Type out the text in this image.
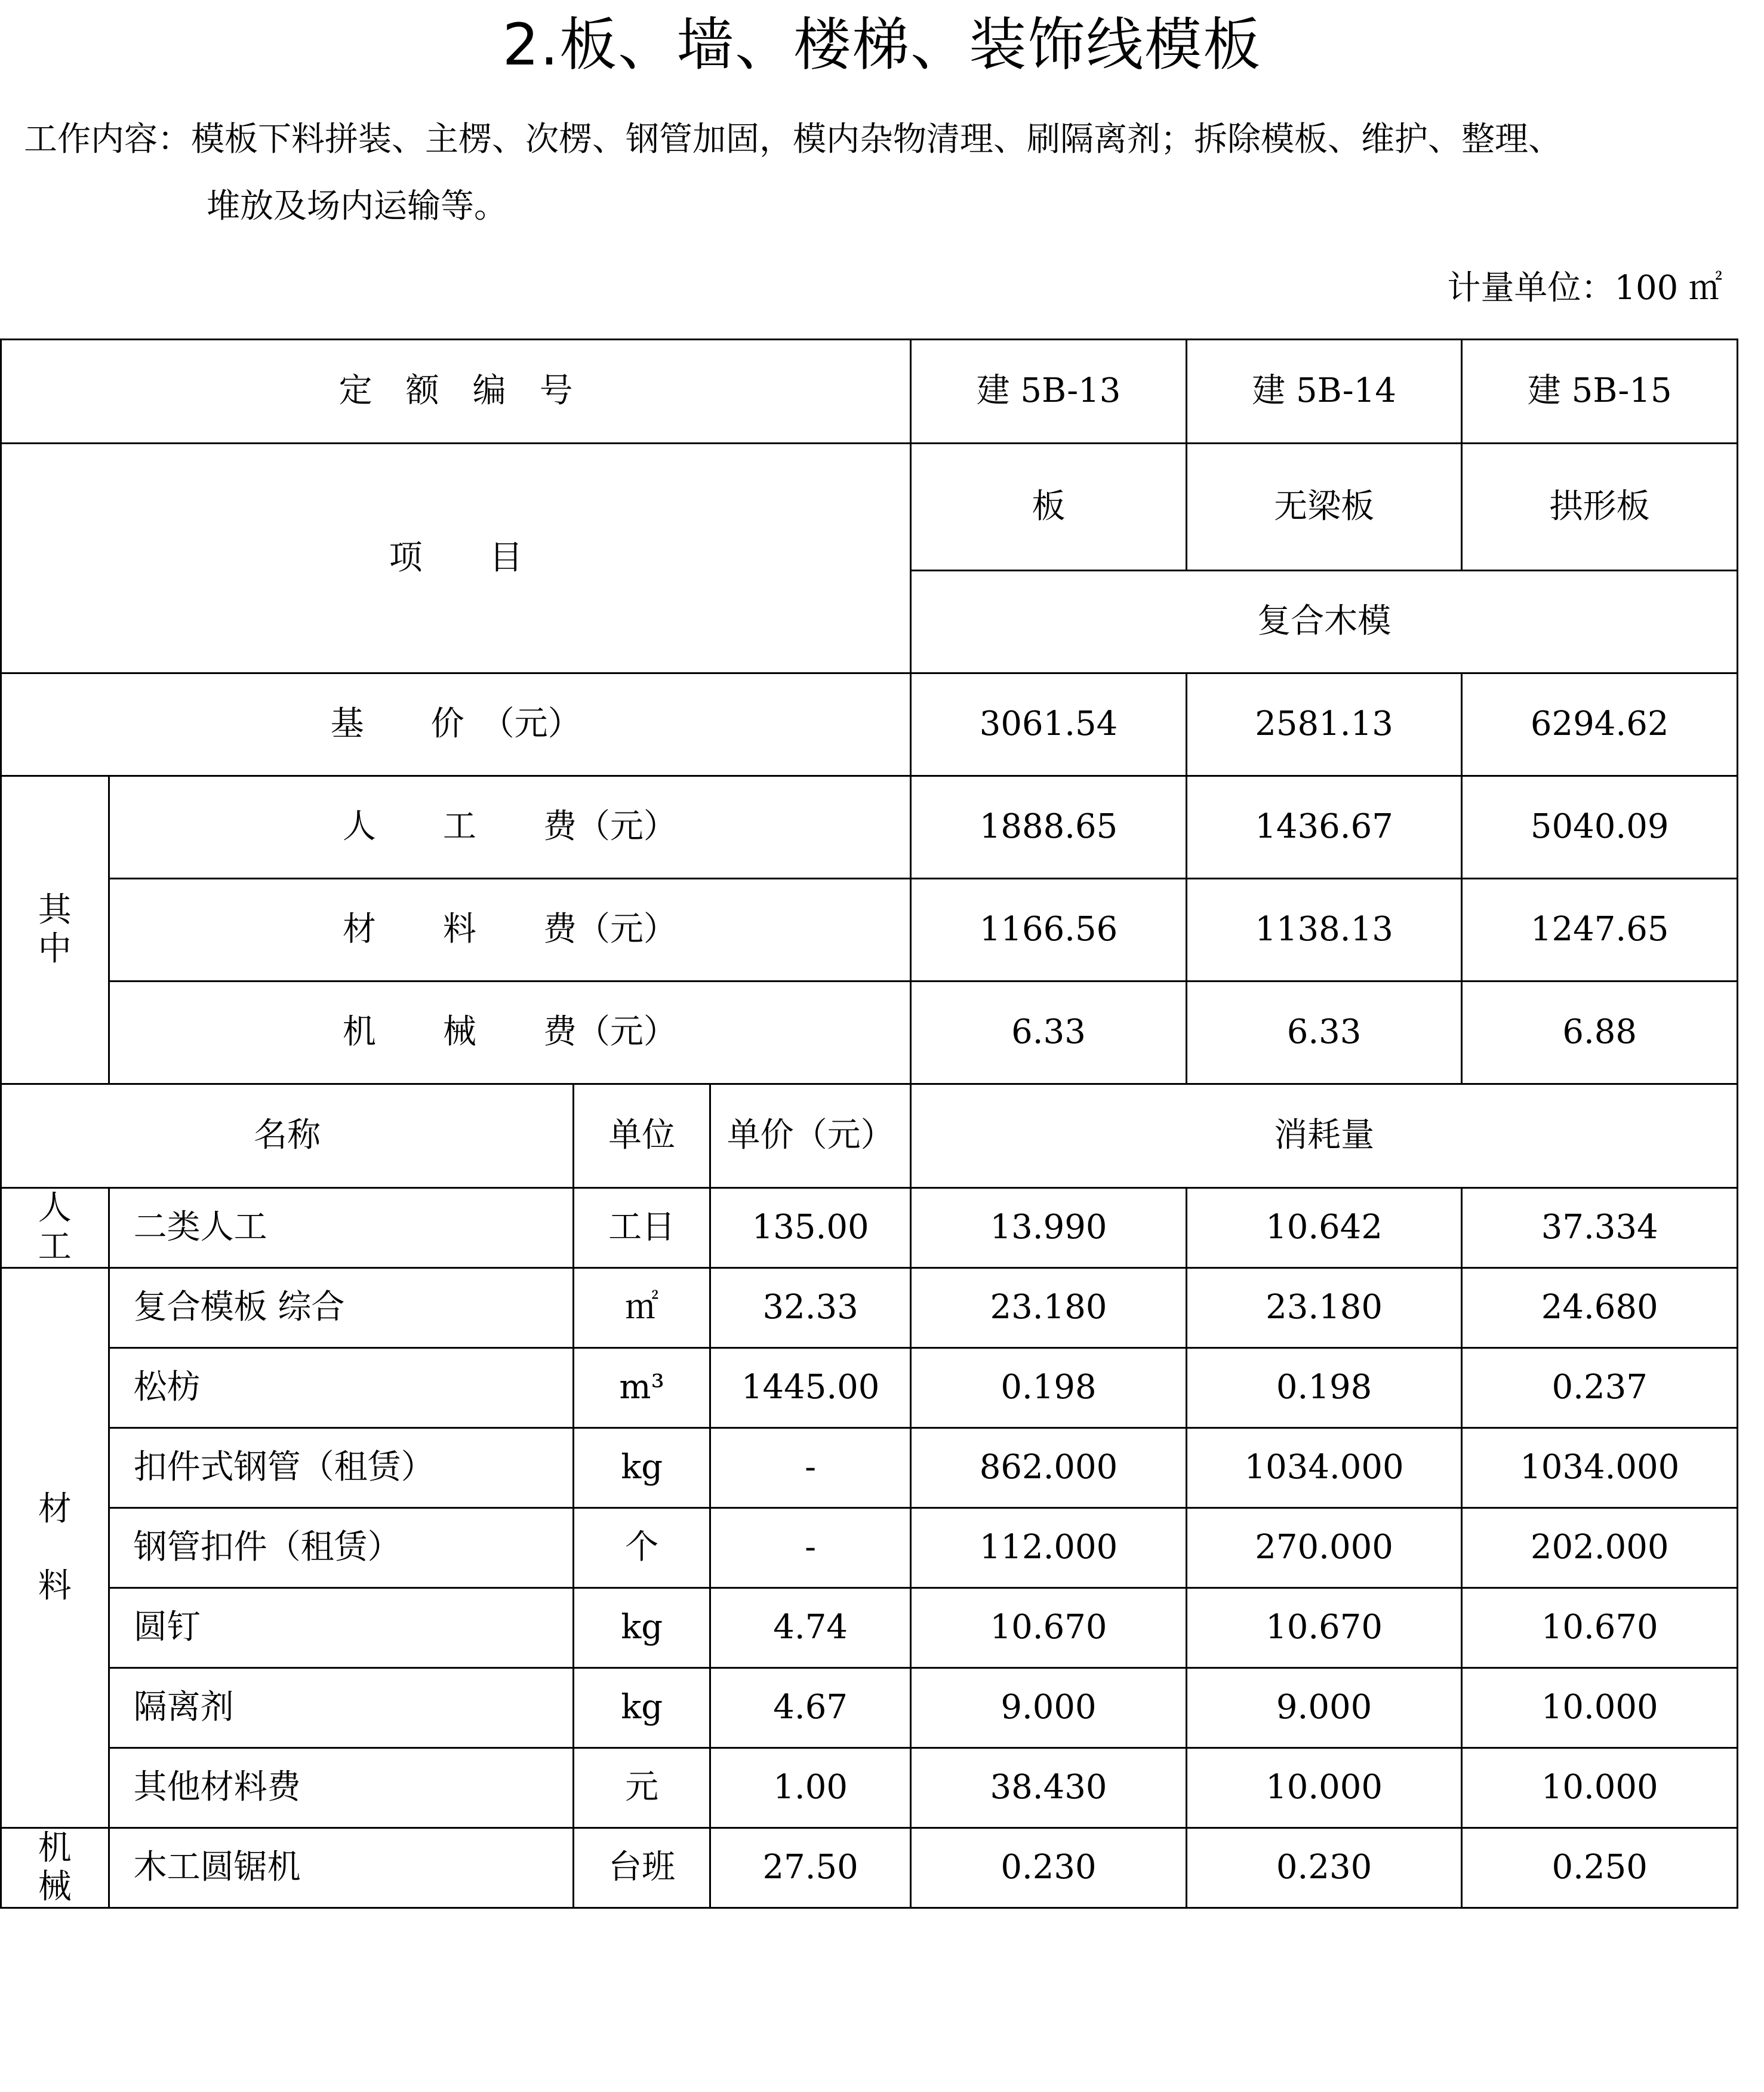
2.板、墙、楼梯、装饰线模板
工作内容：模板下料拼装、主楞、次楞、钢管加固，模内杂物清理、刷隔离剂；拆除模板、维护、整理、
堆放及场内运输等。
计量单位：100 ㎡
定　额　编　号				建 5B-13	建 5B-14	建 5B-15
项　　目				板	无梁板	拱形板
				复合木模		
基　　价　（元）				3061.54	2581.13	6294.62
其
中	人　　工　　费（元）			1888.65	1436.67	5040.09
	材　　料　　费（元）			1166.56	1138.13	1247.65
	机　　械　　费（元）			6.33	6.33	6.88
名称		单位	单价（元）	消耗量		
人
工	二类人工	工日	135.00	13.990	10.642	37.334
材

料	复合模板 综合	㎡	32.33	23.180	23.180	24.680
	松枋	m³	1445.00	0.198	0.198	0.237
	扣件式钢管（租赁）	kg	-	862.000	1034.000	1034.000
	钢管扣件（租赁）	个	-	112.000	270.000	202.000
	圆钉	kg	4.74	10.670	10.670	10.670
	隔离剂	kg	4.67	9.000	9.000	10.000
	其他材料费	元	1.00	38.430	10.000	10.000
机
械	木工圆锯机	台班	27.50	0.230	0.230	0.250
